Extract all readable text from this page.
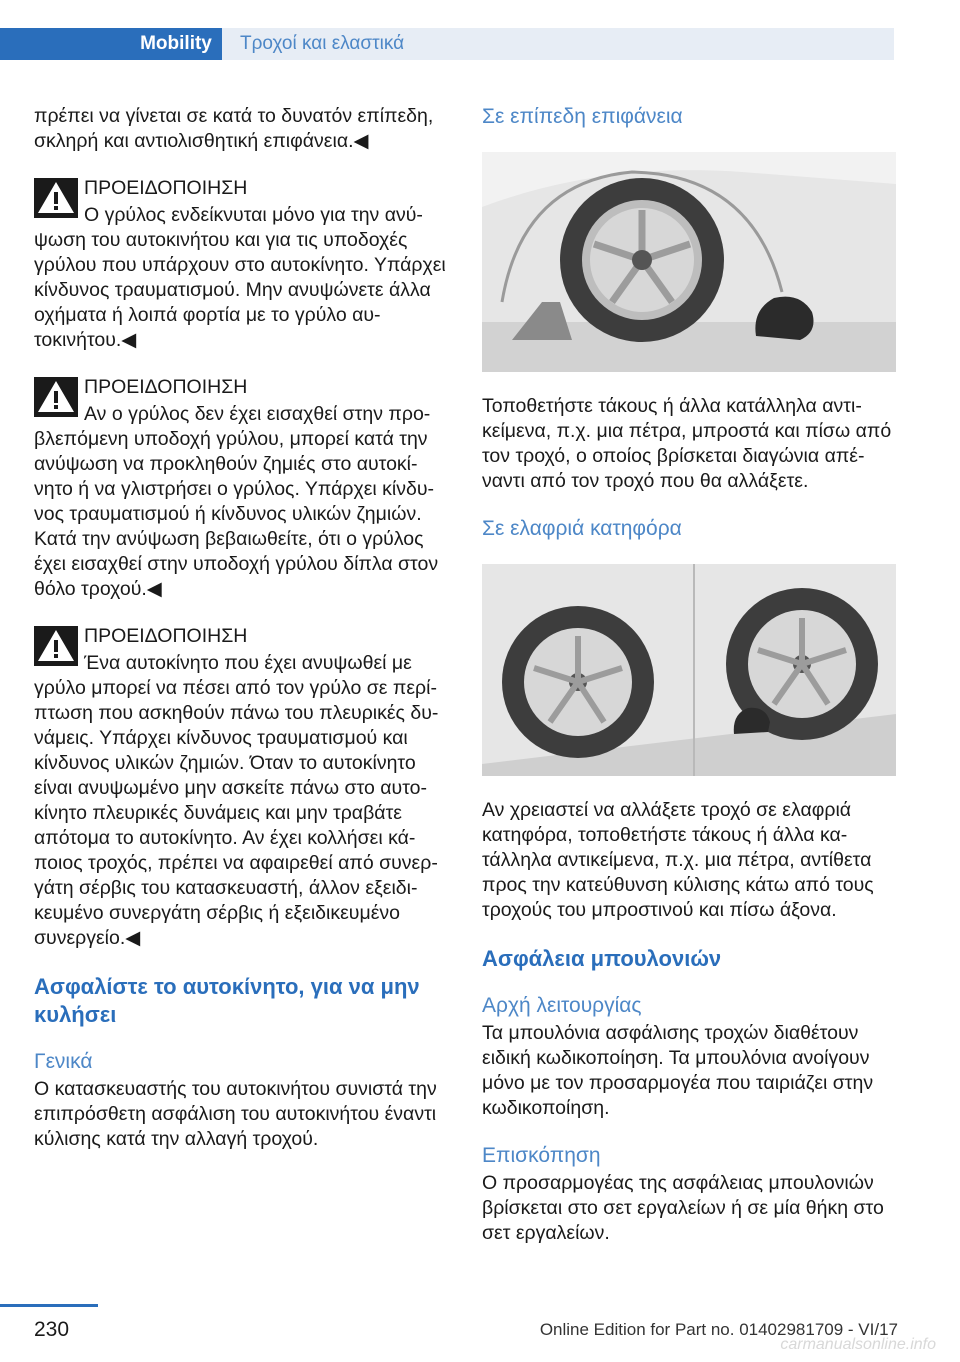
Mobility	Τροχοί και ελαστικά

πρέπει να γίνεται σε κατά το δυνατόν επίπεδη, σκληρή και αντιολισθητική επιφάνεια.◀

ΠΡΟΕΙΔΟΠΟΙΗΣΗ
Ο γρύλος ενδείκνυται μόνο για την ανύψωση του αυτοκινήτου και για τις υποδοχές γρύλου που υπάρχουν στο αυτοκίνητο. Υπάρχει κίνδυνος τραυματισμού. Μην ανυψώνετε άλλα οχήματα ή λοιπά φορτία με το γρύλο αυτοκινήτου.◀
ΠΡΟΕΙΔΟΠΟΙΗΣΗ
Αν ο γρύλος δεν έχει εισαχθεί στην προβλεπόμενη υποδοχή γρύλου, μπορεί κατά την ανύψωση να προκληθούν ζημιές στο αυτοκίνητο ή να γλιστρήσει ο γρύλος. Υπάρχει κίνδυνος τραυματισμού ή κίνδυνος υλικών ζημιών. Κατά την ανύψωση βεβαιωθείτε, ότι ο γρύλος έχει εισαχθεί στην υποδοχή γρύλου δίπλα στον θόλο τροχού.◀
ΠΡΟΕΙΔΟΠΟΙΗΣΗ
Ένα αυτοκίνητο που έχει ανυψωθεί με γρύλο μπορεί να πέσει από τον γρύλο σε περίπτωση που ασκηθούν πάνω του πλευρικές δυνάμεις. Υπάρχει κίνδυνος τραυματισμού και κίνδυνος υλικών ζημιών. Όταν το αυτοκίνητο είναι ανυψωμένο μην ασκείτε πάνω στο αυτοκίνητο πλευρικές δυνάμεις και μην τραβάτε απότομα το αυτοκίνητο. Αν έχει κολλήσει κάποιος τροχός, πρέπει να αφαιρεθεί από συνεργάτη σέρβις του κατασκευαστή, άλλον εξειδικευμένο συνεργάτη σέρβις ή εξειδικευμένο συνεργείο.◀
Ασφαλίστε το αυτοκίνητο, για να μην κυλήσει
Γενικά

Ο κατασκευαστής του αυτοκινήτου συνιστά την επιπρόσθετη ασφάλιση του αυτοκινήτου έναντι κύλισης κατά την αλλαγή τροχού.

Σε επίπεδη επιφάνεια

Τοποθετήστε τάκους ή άλλα κατάλληλα αντικείμενα, π.χ. μια πέτρα, μπροστά και πίσω από τον τροχό, ο οποίος βρίσκεται διαγώνια απέναντι από τον τροχό που θα αλλάξετε.

Σε ελαφριά κατηφόρα

Αν χρειαστεί να αλλάξετε τροχό σε ελαφριά κατηφόρα, τοποθετήστε τάκους ή άλλα κατάλληλα αντικείμενα, π.χ. μια πέτρα, αντίθετα προς την κατεύθυνση κύλισης κάτω από τους τροχούς του μπροστινού και πίσω άξονα.

Ασφάλεια μπουλονιών
Αρχή λειτουργίας

Τα μπουλόνια ασφάλισης τροχών διαθέτουν ειδική κωδικοποίηση. Τα μπουλόνια ανοίγουν μόνο με τον προσαρμογέα που ταιριάζει στην κωδικοποίηση.

Επισκόπηση

Ο προσαρμογέας της ασφάλειας μπουλονιών βρίσκεται στο σετ εργαλείων ή σε μία θήκη στο σετ εργαλείων.

230	Online Edition for Part no. 01402981709 - VI/17
carmanualsonline.info
